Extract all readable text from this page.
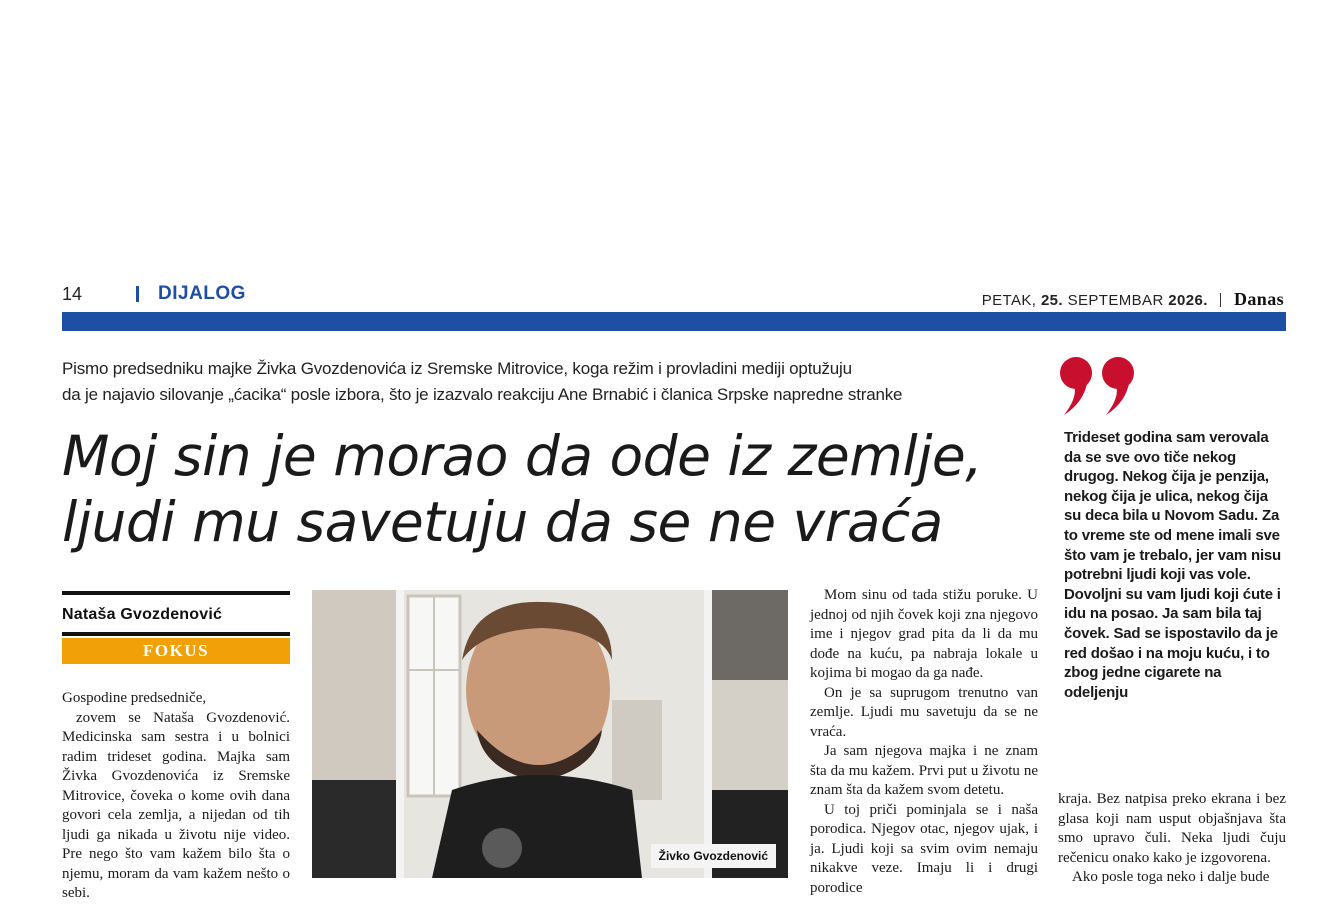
14	DIJALOG	PETAK, 25. SEPTEMBAR 2026. Danas
Pismo predsedniku majke Živka Gvozdenovića iz Sremske Mitrovice, koga režim i provladini mediji optužuju
da je najavio silovanje „ćacika“ posle izbora, što je izazvalo reakciju Ane Brnabić i članica Srpske napredne stranke
Moj sin je morao da ode iz zemlje,
ljudi mu savetuju da se ne vraća
Nataša Gvozdenović
FOKUS

Gospodine predsedniče,

zovem se Nataša Gvozdenović. Medicinska sam sestra i u bolnici radim trideset godina. Majka sam Živka Gvozdenovića iz Sremske Mitrovice, čoveka o kome ovih dana govori cela zemlja, a nijedan od tih ljudi ga nikada u životu nije video. Pre nego što vam kažem bilo šta o njemu, moram da vam kažem nešto o sebi.

Živko Gvozdenović

Mom sinu od tada stižu poruke. U jednoj od njih čovek koji zna njegovo ime i njegov grad pita da li da mu dođe na kuću, pa nabraja lokale u kojima bi mogao da ga nađe.

On je sa suprugom trenutno van zemlje. Ljudi mu savetuju da se ne vraća.

Ja sam njegova majka i ne znam šta da mu kažem. Prvi put u životu ne znam šta da kažem svom detetu.

U toj priči pominjala se i naša porodica. Njegov otac, njegov ujak, i ja. Ljudi koji sa svim ovim nemaju nikakve veze. Imaju li i drugi porodice

Trideset godina sam verovala da se sve ovo tiče nekog drugog. Nekog čija je penzija, nekog čija je ulica, nekog čija su deca bila u Novom Sadu. Za to vreme ste od mene imali sve što vam je trebalo, jer vam nisu potrebni ljudi koji vas vole. Dovoljni su vam ljudi koji ćute i idu na posao. Ja sam bila taj čovek. Sad se ispostavilo da je red došao i na moju kuću, i to zbog jedne cigarete na odeljenju

kraja. Bez natpisa preko ekrana i bez glasa koji nam usput objašnjava šta smo upravo čuli. Neka ljudi čuju rečenicu onako kako je izgovorena.

Ako posle toga neko i dalje bude
